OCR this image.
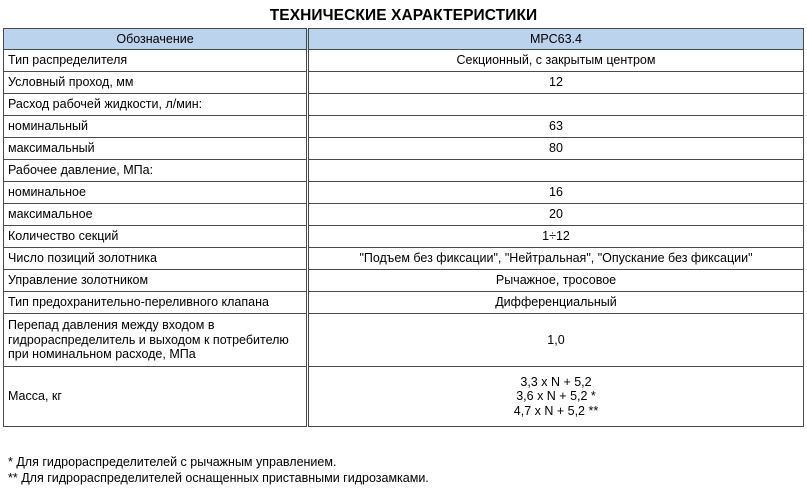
ТЕХНИЧЕСКИЕ ХАРАКТЕРИСТИКИ
Обозначение	МРС63.4
Тип распределителя	Секционный, с закрытым центром
Условный проход, мм	12
Расход рабочей жидкости, л/мин:	
номинальный	63
максимальный	80
Рабочее давление, МПа:	
номинальное	16
максимальное	20
Количество секций	1÷12
Число позиций золотника	"Подъем без фиксации", "Нейтральная", "Опускание без фиксации"
Управление золотником	Рычажное, тросовое
Тип предохранительно-переливного клапана	Дифференциальный

Перепад давления между входом в
гидрораспределитель и выходом к потребителю
при номинальном расходе, МПа	1,0
Масса, кг	3,3 x N + 5,2
3,6 x N + 5,2 *
4,7 x N + 5,2 **
* Для гидрораспределителей с рычажным управлением.
** Для гидрораспределителей оснащенных приставными гидрозамками.
